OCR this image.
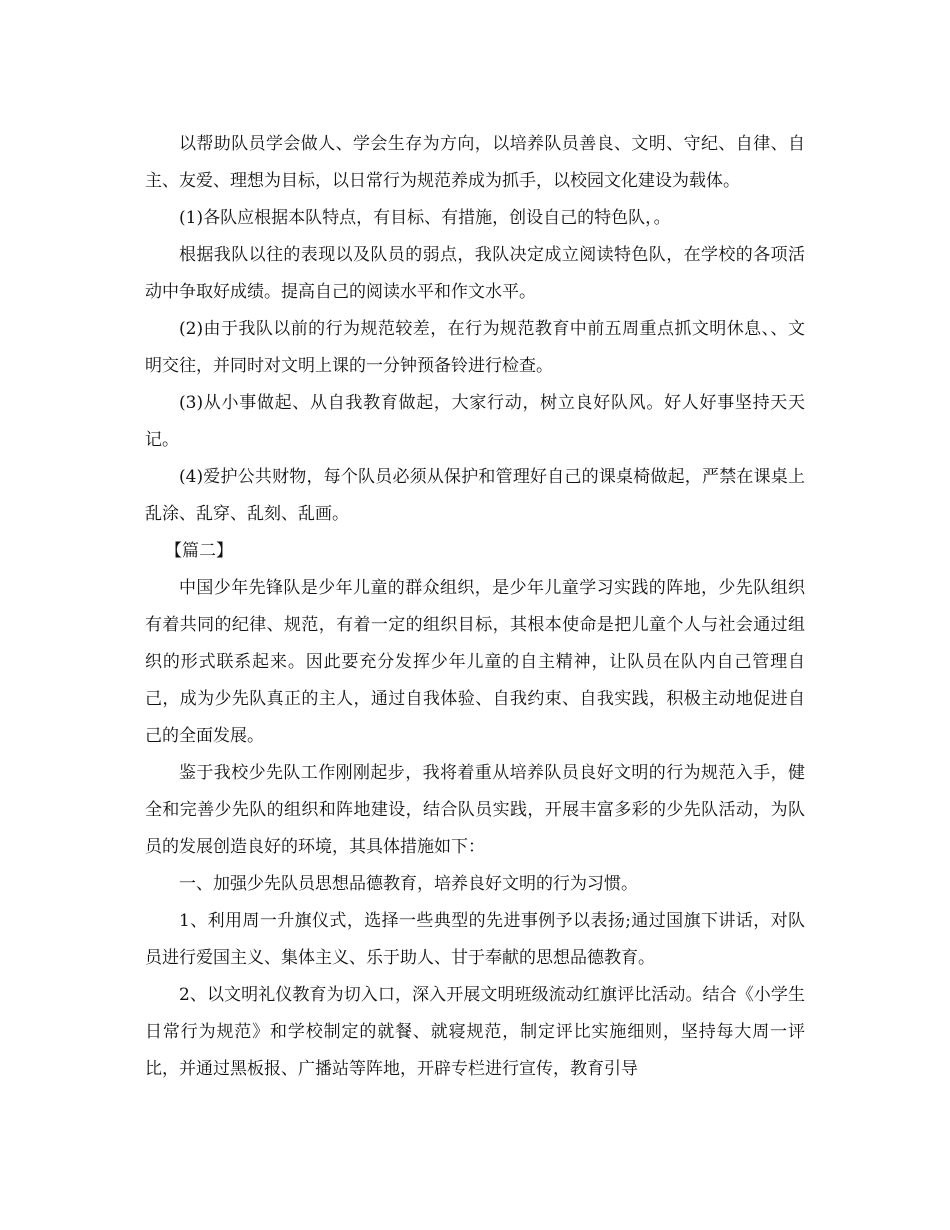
以帮助队员学会做人、学会生存为方向，以培养队员善良、文明、守纪、自律、自主、友爱、理想为目标，以日常行为规范养成为抓手，以校园文化建设为载体。

(1)各队应根据本队特点，有目标、有措施，创设自己的特色队，。

根据我队以往的表现以及队员的弱点，我队决定成立阅读特色队，在学校的各项活动中争取好成绩。提高自己的阅读水平和作文水平。

(2)由于我队以前的行为规范较差，在行为规范教育中前五周重点抓文明休息、、文明交往，并同时对文明上课的一分钟预备铃进行检查。

(3)从小事做起、从自我教育做起，大家行动，树立良好队风。好人好事坚持天天记。

(4)爱护公共财物，每个队员必须从保护和管理好自己的课桌椅做起，严禁在课桌上乱涂、乱穿、乱刻、乱画。

【篇二】

中国少年先锋队是少年儿童的群众组织，是少年儿童学习实践的阵地，少先队组织有着共同的纪律、规范，有着一定的组织目标，其根本使命是把儿童个人与社会通过组织的形式联系起来。因此要充分发挥少年儿童的自主精神，让队员在队内自己管理自己，成为少先队真正的主人，通过自我体验、自我约束、自我实践，积极主动地促进自己的全面发展。

鉴于我校少先队工作刚刚起步，我将着重从培养队员良好文明的行为规范入手，健全和完善少先队的组织和阵地建设，结合队员实践，开展丰富多彩的少先队活动，为队员的发展创造良好的环境，其具体措施如下：

一、加强少先队员思想品德教育，培养良好文明的行为习惯。

1、利用周一升旗仪式，选择一些典型的先进事例予以表扬;通过国旗下讲话，对队员进行爱国主义、集体主义、乐于助人、甘于奉献的思想品德教育。

2、以文明礼仪教育为切入口，深入开展文明班级流动红旗评比活动。结合《小学生日常行为规范》和学校制定的就餐、就寝规范，制定评比实施细则，坚持每大周一评比，并通过黑板报、广播站等阵地，开辟专栏进行宣传，教育引导
